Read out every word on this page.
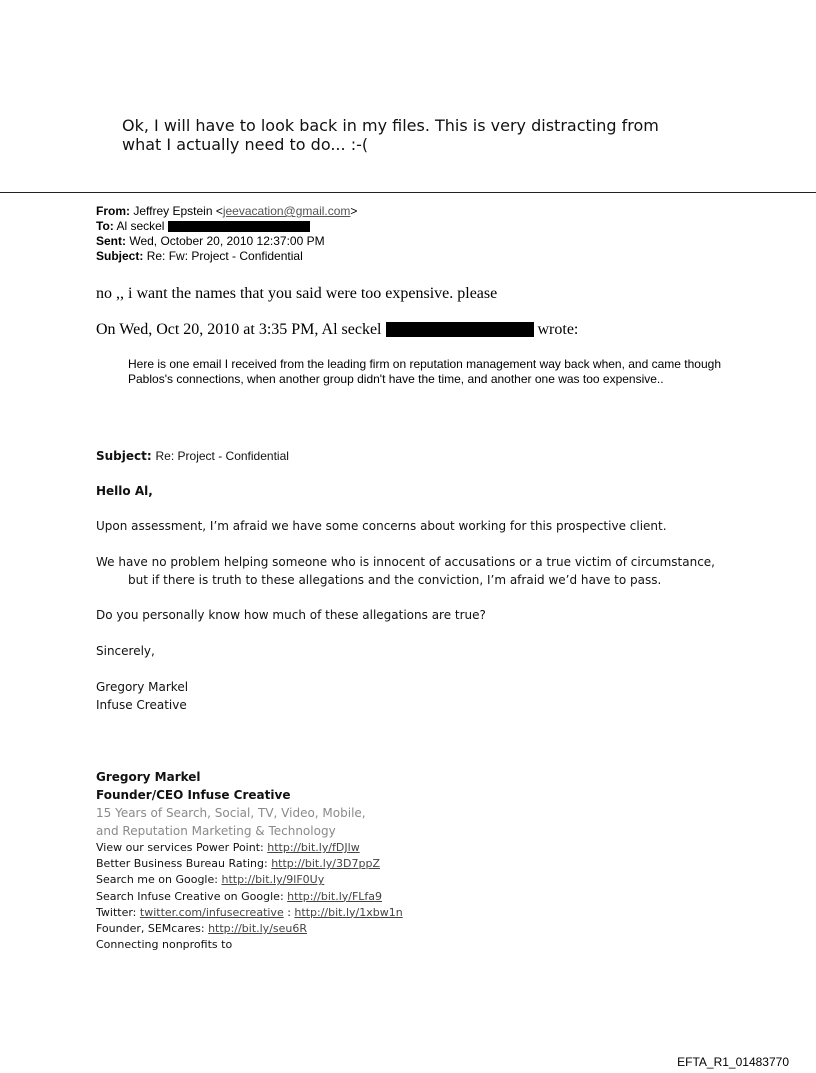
Ok, I will have to look back in my files. This is very distracting from
what I actually need to do... :-(
From: Jeffrey Epstein <jeevacation@gmail.com>
To: Al seckel
Sent: Wed, October 20, 2010 12:37:00 PM
Subject: Re: Fw: Project - Confidential
no ,, i want the names that you said were too expensive. please
On Wed, Oct 20, 2010 at 3:35 PM, Al seckel	wrote:
Here is one email I received from the leading firm on reputation management way back when, and came though Pablos's connections, when another group didn't have the time, and another one was too expensive..
Subject: Re: Project - Confidential
Hello Al,
Upon assessment, I’m afraid we have some concerns about working for this prospective client.
We have no problem helping someone who is innocent of accusations or a true victim of circumstance,
but if there is truth to these allegations and the conviction, I’m afraid we’d have to pass.
Do you personally know how much of these allegations are true?
Sincerely,
Gregory Markel
Infuse Creative
Gregory Markel
Founder/CEO Infuse Creative
15 Years of Search, Social, TV, Video, Mobile,
and Reputation Marketing & Technology
View our services Power Point: http://bit.ly/fDJlw
Better Business Bureau Rating: http://bit.ly/3D7ppZ
Search me on Google: http://bit.ly/9lF0Uy
Search Infuse Creative on Google: http://bit.ly/FLfa9
Twitter: twitter.com/infusecreative : http://bit.ly/1xbw1n
Founder, SEMcares: http://bit.ly/seu6R
Connecting nonprofits to
EFTA_R1_01483770
